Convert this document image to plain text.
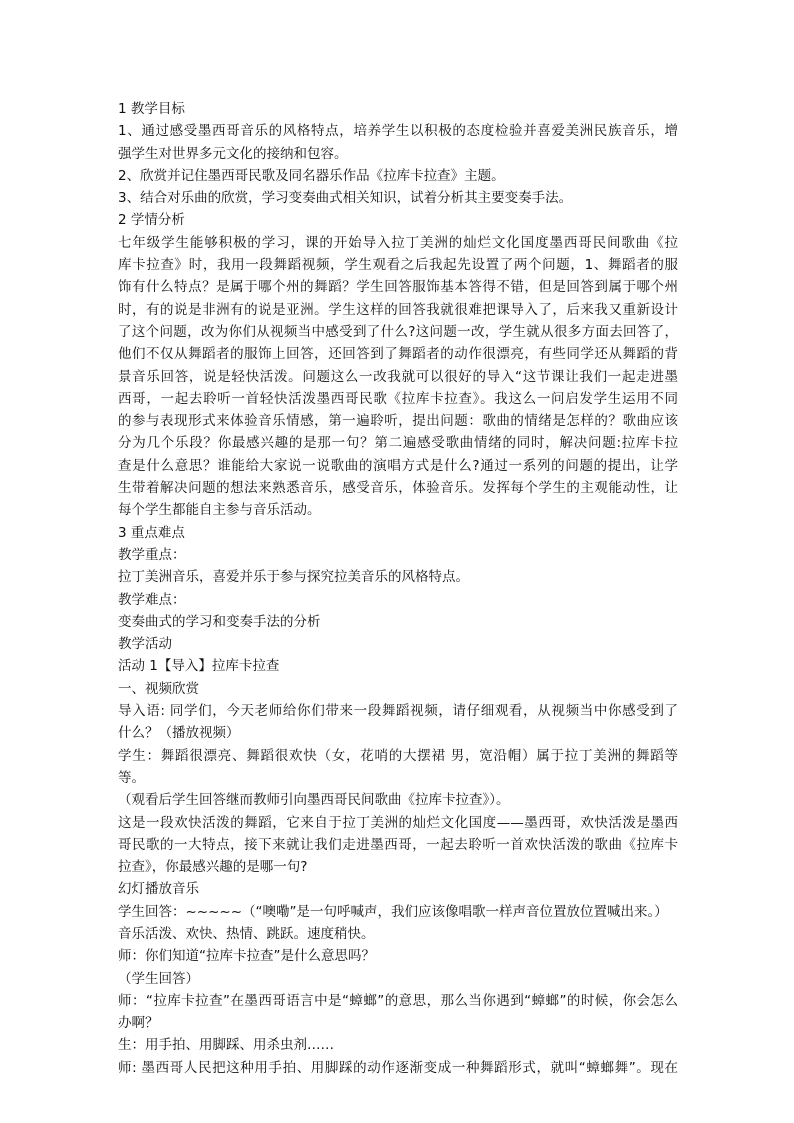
1 教学目标
1、通过感受墨西哥音乐的风格特点，培养学生以积极的态度检验并喜爱美洲民族音乐，增
强学生对世界多元文化的接纳和包容。
2、欣赏并记住墨西哥民歌及同名器乐作品《拉库卡拉查》主题。
3、结合对乐曲的欣赏，学习变奏曲式相关知识，试着分析其主要变奏手法。
2 学情分析
七年级学生能够积极的学习，课的开始导入拉丁美洲的灿烂文化国度墨西哥民间歌曲《拉
库卡拉查》时，我用一段舞蹈视频，学生观看之后我起先设置了两个问题，1、舞蹈者的服
饰有什么特点？是属于哪个州的舞蹈？学生回答服饰基本答得不错，但是回答到属于哪个州
时，有的说是非洲有的说是亚洲。学生这样的回答我就很难把课导入了，后来我又重新设计
了这个问题，改为你们从视频当中感受到了什么?这问题一改，学生就从很多方面去回答了，
他们不仅从舞蹈者的服饰上回答，还回答到了舞蹈者的动作很漂亮，有些同学还从舞蹈的背
景音乐回答，说是轻快活泼。问题这么一改我就可以很好的导入“这节课让我们一起走进墨
西哥，一起去聆听一首轻快活泼墨西哥民歌《拉库卡拉查》。我这么一问启发学生运用不同
的参与表现形式来体验音乐情感，第一遍聆听，提出问题：歌曲的情绪是怎样的？歌曲应该
分为几个乐段？你最感兴趣的是那一句？第二遍感受歌曲情绪的同时，解决问题:拉库卡拉
查是什么意思？谁能给大家说一说歌曲的演唱方式是什么?通过一系列的问题的提出，让学
生带着解决问题的想法来熟悉音乐，感受音乐，体验音乐。发挥每个学生的主观能动性，让
每个学生都能自主参与音乐活动。
3 重点难点
教学重点：
拉丁美洲音乐，喜爱并乐于参与探究拉美音乐的风格特点。
教学难点：
变奏曲式的学习和变奏手法的分析
教学活动
活动 1【导入】拉库卡拉查
一、视频欣赏
导入语: 同学们，今天老师给你们带来一段舞蹈视频，请仔细观看，从视频当中你感受到了
什么？（播放视频）
学生：舞蹈很漂亮、舞蹈很欢快（女，花哨的大摆裙 男，宽沿帽）属于拉丁美洲的舞蹈等
等。
（观看后学生回答继而教师引向墨西哥民间歌曲《拉库卡拉查》）。
这是一段欢快活泼的舞蹈，它来自于拉丁美洲的灿烂文化国度——墨西哥，欢快活泼是墨西
哥民歌的一大特点，接下来就让我们走进墨西哥，一起去聆听一首欢快活泼的歌曲《拉库卡
拉查》，你最感兴趣的是哪一句?
幻灯播放音乐
学生回答：~~~~~（“噢嘞”是一句呼喊声，我们应该像唱歌一样声音位置放位置喊出来。）
音乐活泼、欢快、热情、跳跃。速度稍快。
师：你们知道“拉库卡拉查”是什么意思吗？
（学生回答）
师：“拉库卡拉查”在墨西哥语言中是“蟑螂”的意思，那么当你遇到“蟑螂”的时候，你会怎么
办啊？
生：用手拍、用脚踩、用杀虫剂……
师: 墨西哥人民把这种用手拍、用脚踩的动作逐渐变成一种舞蹈形式，就叫“蟑螂舞”。现在
